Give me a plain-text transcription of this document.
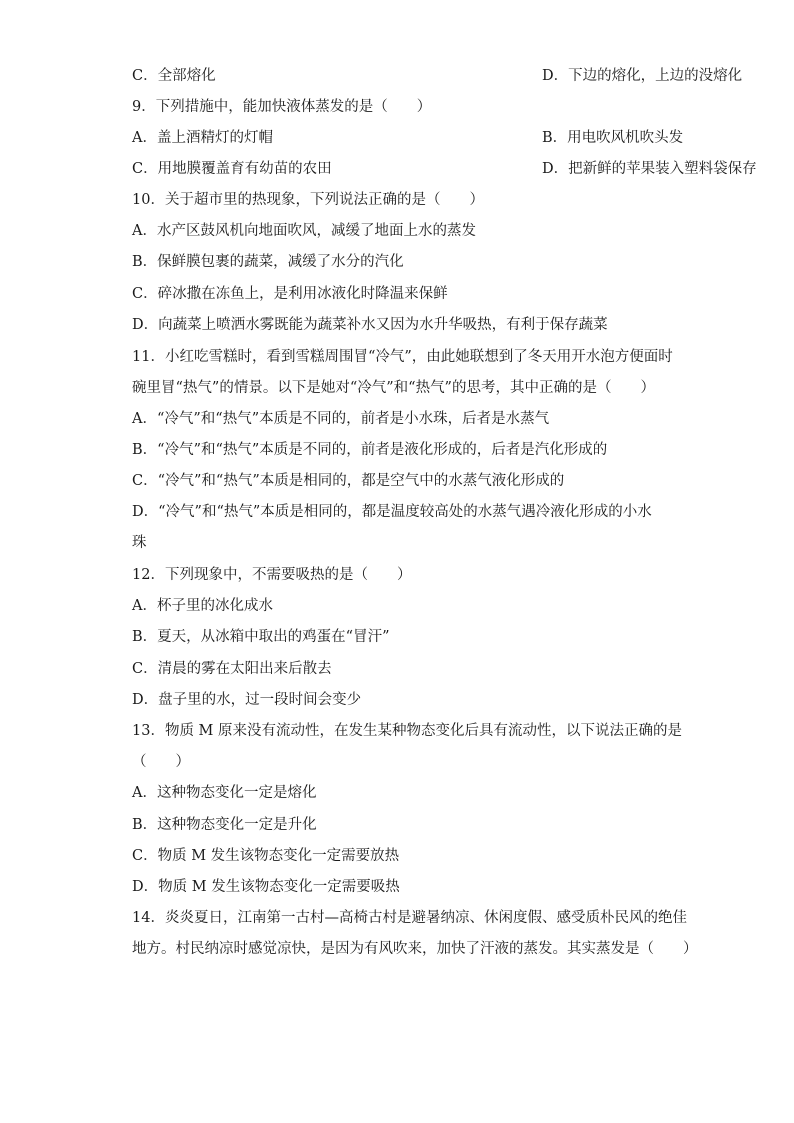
C．全部熔化	D．下边的熔化，上边的没熔化
9．下列措施中，能加快液体蒸发的是（　　）
A．盖上酒精灯的灯帽	B．用电吹风机吹头发
C．用地膜覆盖育有幼苗的农田	D．把新鲜的苹果装入塑料袋保存
10．关于超市里的热现象，下列说法正确的是（　　）
A．水产区鼓风机向地面吹风，减缓了地面上水的蒸发
B．保鲜膜包裹的蔬菜，减缓了水分的汽化
C．碎冰撒在冻鱼上，是利用冰液化时降温来保鲜
D．向蔬菜上喷洒水雾既能为蔬菜补水又因为水升华吸热，有利于保存蔬菜
11．小红吃雪糕时，看到雪糕周围冒“冷气”，由此她联想到了冬天用开水泡方便面时
碗里冒“热气”的情景。以下是她对“冷气”和“热气”的思考，其中正确的是（　　）
A．“冷气”和“热气”本质是不同的，前者是小水珠，后者是水蒸气
B．“冷气”和“热气”本质是不同的，前者是液化形成的，后者是汽化形成的
C．“冷气”和“热气”本质是相同的，都是空气中的水蒸气液化形成的
D．“冷气”和“热气”本质是相同的，都是温度较高处的水蒸气遇冷液化形成的小水
珠
12．下列现象中，不需要吸热的是（　　）
A．杯子里的冰化成水
B．夏天，从冰箱中取出的鸡蛋在“冒汗”
C．清晨的雾在太阳出来后散去
D．盘子里的水，过一段时间会变少
13．物质 M 原来没有流动性，在发生某种物态变化后具有流动性，以下说法正确的是
（　　）
A．这种物态变化一定是熔化
B．这种物态变化一定是升化
C．物质 M 发生该物态变化一定需要放热
D．物质 M 发生该物态变化一定需要吸热
14．炎炎夏日，江南第一古村—高椅古村是避暑纳凉、休闲度假、感受质朴民风的绝佳
地方。村民纳凉时感觉凉快，是因为有风吹来，加快了汗液的蒸发。其实蒸发是（　　）
